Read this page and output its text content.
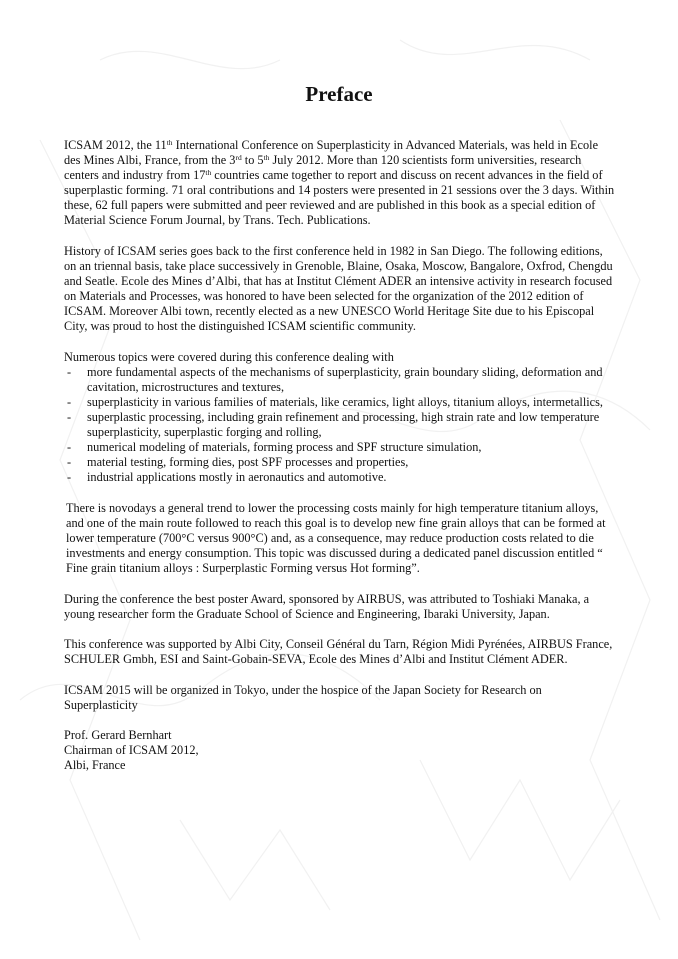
Preface

ICSAM 2012, the 11th International Conference on Superplasticity in Advanced Materials, was held in Ecole des Mines Albi, France, from the 3rd to 5th July 2012. More than 120 scientists form universities, research centers and industry from 17th countries came together to report and discuss on recent advances in the field of superplastic forming. 71 oral contributions and 14 posters were presented in 21 sessions over the 3 days. Within these, 62 full papers were submitted and peer reviewed and are published in this book as a special edition of Material Science Forum Journal, by Trans. Tech. Publications.

History of ICSAM series goes back to the first conference held in 1982 in San Diego. The following editions, on an triennal basis, take place successively in Grenoble, Blaine, Osaka, Moscow, Bangalore, Oxfrod, Chengdu and Seatle. Ecole des Mines d’Albi, that has at Institut Clément ADER an intensive activity in research focused on Materials and Processes, was honored to have been selected for the organization of the 2012 edition of ICSAM. Moreover Albi town, recently elected as a new UNESCO World Heritage Site due to his Episcopal City, was proud to host the distinguished ICSAM scientific community.

Numerous topics were covered during this conference dealing with

- more fundamental aspects of the mechanisms of superplasticity, grain boundary sliding, deformation and cavitation, microstructures and textures,
- superplasticity in various families of materials, like ceramics, light alloys, titanium alloys, intermetallics,
- superplastic processing, including grain refinement and processing, high strain rate and low temperature superplasticity, superplastic forging and rolling,
- numerical modeling of materials, forming process and SPF structure simulation,
- material testing, forming dies, post SPF processes and properties,
- industrial applications mostly in aeronautics and automotive.

There is novodays a general trend to lower the processing costs mainly for high temperature titanium alloys, and one of the main route followed to reach this goal is to develop new fine grain alloys that can be formed at lower temperature (700°C versus 900°C) and, as a consequence, may reduce production costs related to die investments and energy consumption. This topic was discussed during a dedicated panel discussion entitled “ Fine grain titanium alloys : Surperplastic Forming versus Hot forming”.

During the conference the best poster Award, sponsored by AIRBUS, was attributed to Toshiaki Manaka, a young researcher form the Graduate School of Science and Engineering, Ibaraki University, Japan.

This conference was supported by Albi City, Conseil Général du Tarn, Région Midi Pyrénées, AIRBUS France, SCHULER Gmbh, ESI and Saint-Gobain-SEVA, Ecole des Mines d’Albi and Institut Clément ADER.

ICSAM 2015 will be organized in Tokyo, under the hospice of the Japan Society for Research on Superplasticity

Prof. Gerard Bernhart

Chairman of ICSAM 2012,

Albi, France
